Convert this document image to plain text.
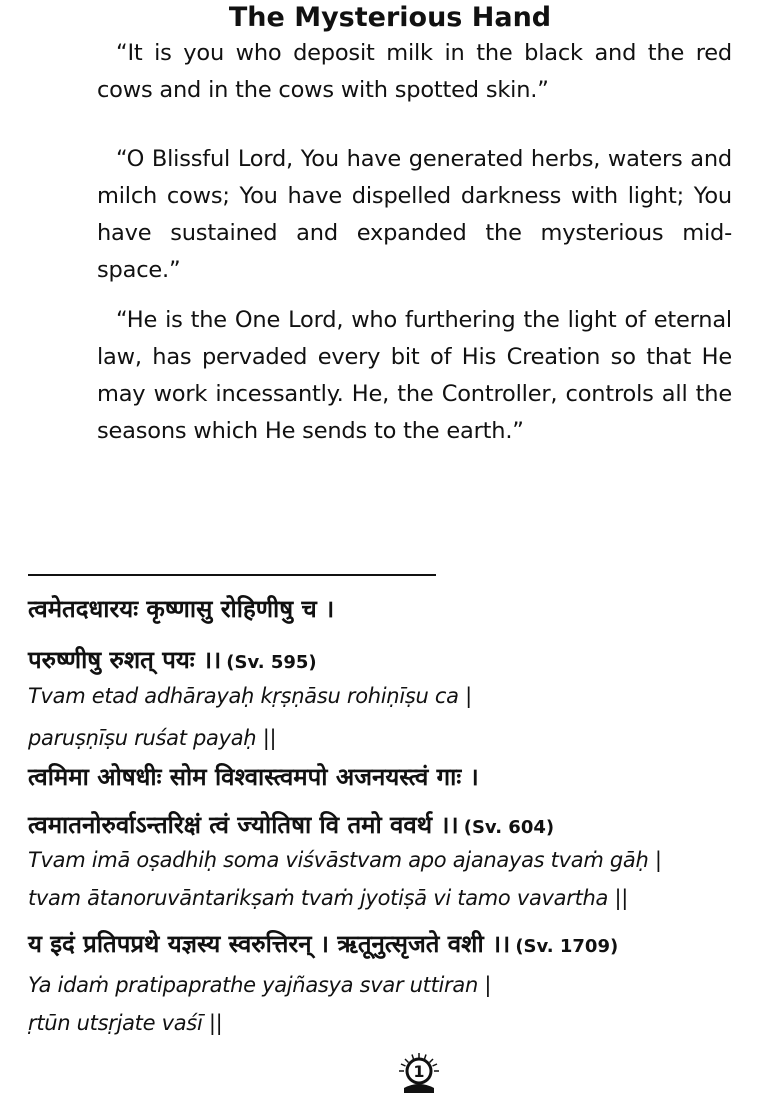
The Mysterious Hand

“It is you who deposit milk in the black and the red cows and in the cows with spotted skin.”

“O Blissful Lord, You have generated herbs, waters and milch cows; You have dispelled darkness with light; You have sustained and expanded the mysterious mid-space.”

“He is the One Lord, who furthering the light of eternal law, has pervaded every bit of His Creation so that He may work incessantly. He, the Controller, controls all the seasons which He sends to the earth.”

त्वमेतदधारयः कृष्णासु रोहिणीषु च ।
परुष्णीषु रुशत् पयः ।। (Sv. 595)
Tvam etad adhārayaḥ kṛṣṇāsu rohiṇīṣu ca |
paruṣṇīṣu ruśat payaḥ ||
त्वमिमा ओषधीः सोम विश्वास्त्वमपो अजनयस्त्वं गाः ।
त्वमातनोरुर्वाऽन्तरिक्षं त्वं ज्योतिषा वि तमो ववर्थ ।। (Sv. 604)
Tvam imā oṣadhiḥ soma viśvāstvam apo ajanayas tvaṁ gāḥ |
tvam ātanoruvāntarikṣaṁ tvaṁ jyotiṣā vi tamo vavartha ||
य इदं प्रतिपप्रथे यज्ञस्य स्वरुत्तिरन् । ऋतूनुत्सृजते वशी ।। (Sv. 1709)
Ya idaṁ pratipaprathe yajñasya svar uttiran |
ṛtūn utsṛjate vaśī ||
1
